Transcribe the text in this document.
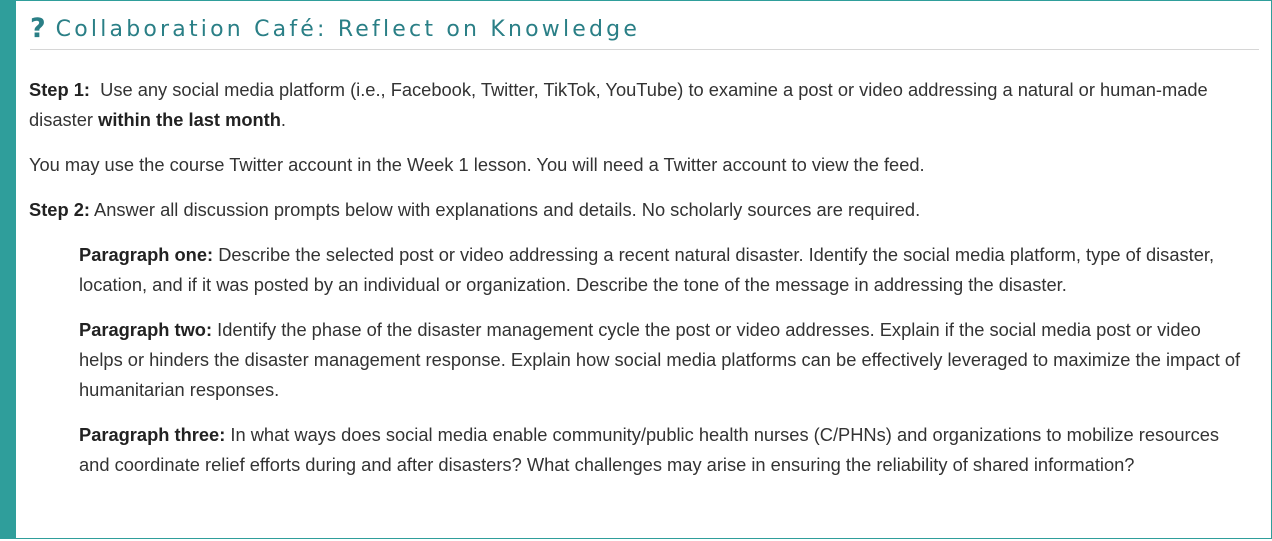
? Collaboration Café: Reflect on Knowledge

Step 1: Use any social media platform (i.e., Facebook, Twitter, TikTok, YouTube) to examine a post or video addressing a natural or human-made disaster within the last month.

You may use the course Twitter account in the Week 1 lesson. You will need a Twitter account to view the feed.

Step 2: Answer all discussion prompts below with explanations and details. No scholarly sources are required.

Paragraph one: Describe the selected post or video addressing a recent natural disaster. Identify the social media platform, type of disaster, location, and if it was posted by an individual or organization. Describe the tone of the message in addressing the disaster.

Paragraph two: Identify the phase of the disaster management cycle the post or video addresses. Explain if the social media post or video helps or hinders the disaster management response. Explain how social media platforms can be effectively leveraged to maximize the impact of humanitarian responses.

Paragraph three: In what ways does social media enable community/public health nurses (C/PHNs) and organizations to mobilize resources and coordinate relief efforts during and after disasters? What challenges may arise in ensuring the reliability of shared information?
